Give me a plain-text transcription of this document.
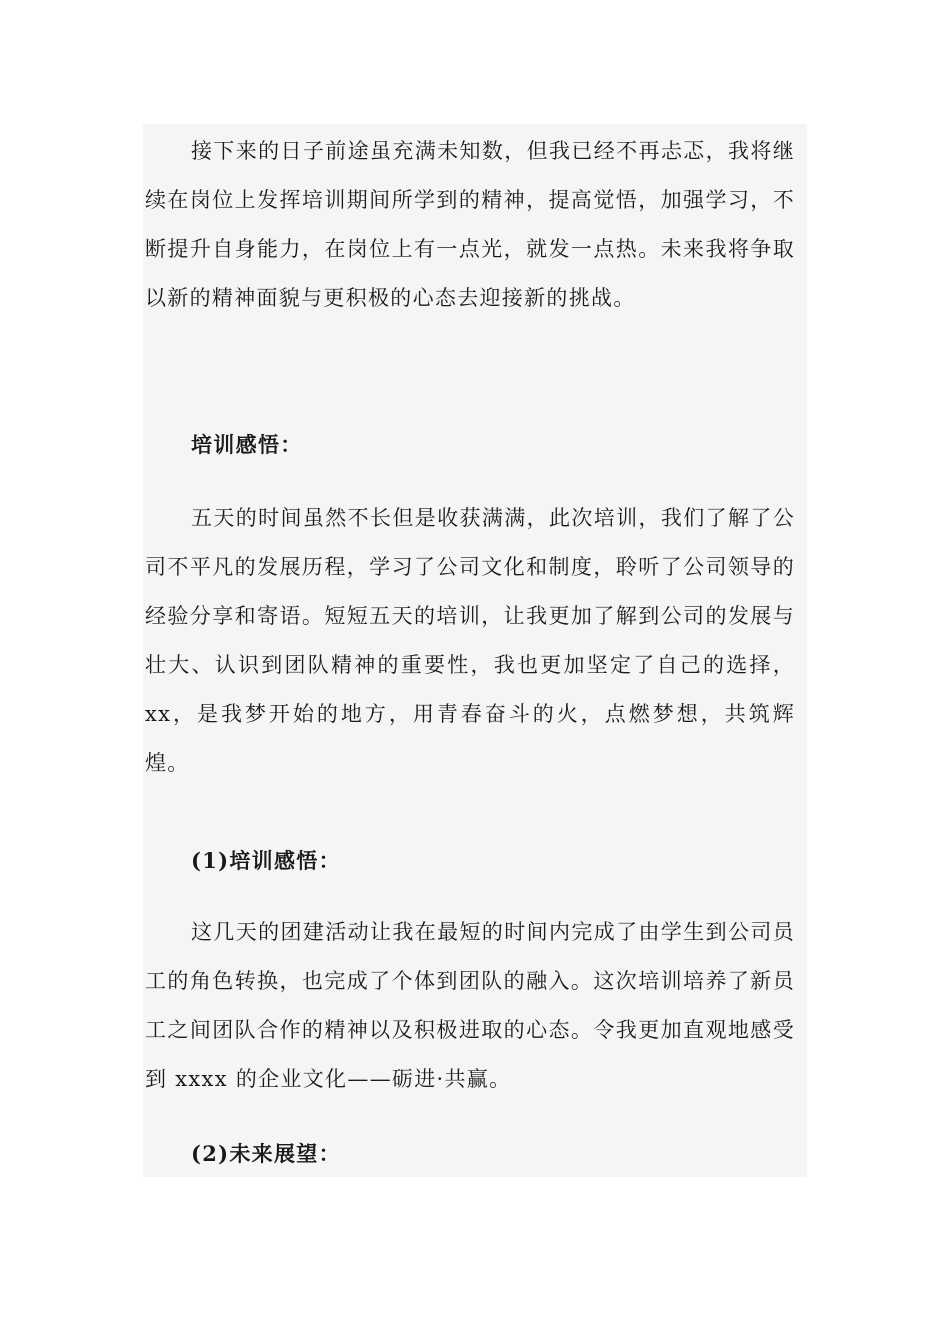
接下来的日子前途虽充满未知数，但我已经不再忐忑，我将继续在岗位上发挥培训期间所学到的精神，提高觉悟，加强学习，不断提升自身能力，在岗位上有一点光，就发一点热。未来我将争取以新的精神面貌与更积极的心态去迎接新的挑战。

培训感悟：

五天的时间虽然不长但是收获满满，此次培训，我们了解了公司不平凡的发展历程，学习了公司文化和制度，聆听了公司领导的经验分享和寄语。短短五天的培训，让我更加了解到公司的发展与壮大、认识到团队精神的重要性，我也更加坚定了自己的选择，xx，是我梦开始的地方，用青春奋斗的火，点燃梦想，共筑辉煌。

(1)培训感悟：

这几天的团建活动让我在最短的时间内完成了由学生到公司员工的角色转换，也完成了个体到团队的融入。这次培训培养了新员工之间团队合作的精神以及积极进取的心态。令我更加直观地感受到 xxxx 的企业文化——砺进·共赢。

(2)未来展望：
